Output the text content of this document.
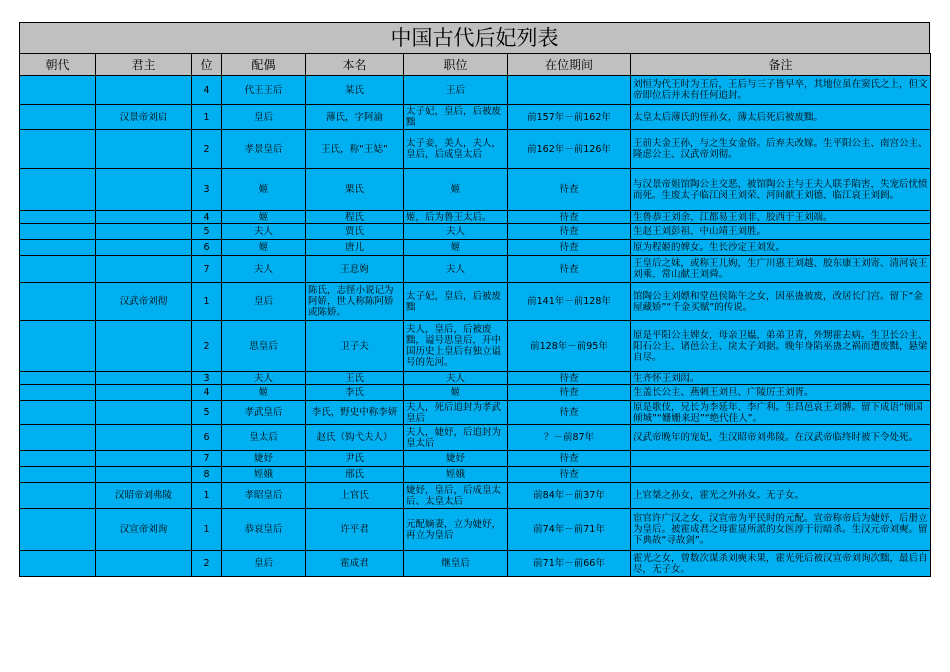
中国古代后妃列表
朝代	君主	位	配偶	本名	职位	在位期间	备注
		4	代王王后	某氏	王后		刘恒为代王时为王后，王后与三子皆早卒，其地位虽在窦氏之上，但文帝即位后并未有任何追封。
	汉景帝刘启	1	皇后	薄氏，字阿渝	太子妃，皇后，后被废黜	前157年－前162年	太皇太后薄氏的侄孙女，薄太后死后被废黜。
		2	孝景皇后	王氏，称“王娡”	太子妾，美人，夫人，皇后，后成皇太后	前162年－前126年	王前夫金王孙，与之生女金俗。后弃夫改嫁。生平阳公主、南宫公主、隆虑公主、汉武帝刘彻。
		3	姬	栗氏	姬	待查	与汉景帝姐馆陶公主交恶，被馆陶公主与王夫人联手陷害，失宠后忧愤而死。生废太子临江闵王刘荣、河间献王刘德、临江哀王刘阏。
		4	姬	程氏	姬，后为鲁王太后。	待查	生鲁恭王刘余、江都易王刘非、胶西于王刘端。
		5	夫人	贾氏	夫人	待查	生赵王刘彭祖、中山靖王刘胜。
		6	姬	唐儿	姬	待查	原为程姬的婢女。生长沙定王刘发。
		7	夫人	王息姁	夫人	待查	王皇后之妹，或称王儿姁，生广川惠王刘越、胶东康王刘寄、清河哀王刘乘、常山献王刘舜。
	汉武帝刘彻	1	皇后	陈氏，志怪小说记为阿娇，世人称陈阿娇或陈娇。	太子妃，皇后，后被废黜	前141年－前128年	馆陶公主刘嫖和堂邑侯陈午之女，因巫蛊被废，改居长门宫。留下“金屋藏娇”“千金买赋”的传说。
		2	思皇后	卫子夫	夫人，皇后，后被废黜，谥号思皇后，开中国历史上皇后有独立谥号的先河。	前128年－前95年	原是平阳公主婢女，母亲卫媪，弟弟卫青，外甥霍去病。生卫长公主、阳石公主、诸邑公主、戾太子刘据。晚年身陷巫蛊之祸而遭废黜，悬梁自尽。
		3	夫人	王氏	夫人	待查	生齐怀王刘闳。
		4	姬	李氏	姬	待查	生盖长公主、燕刺王刘旦、广陵厉王刘胥。
		5	孝武皇后	李氏，野史中称李妍	夫人，死后追封为孝武皇后	待查	原是歌伎，兄长为李延年、李广利。生昌邑哀王刘髆。留下成语“倾国倾城”“姗姗来迟”“绝代佳人”。
		6	皇太后	赵氏（钩弋夫人）	夫人，婕妤，后追封为皇太后	？－前87年	汉武帝晚年的宠妃，生汉昭帝刘弗陵。在汉武帝临终时被下令处死。
		7	婕妤	尹氏	婕妤	待查	
		8	娙娥	邢氏	娙娥	待查	
	汉昭帝刘弗陵	1	孝昭皇后	上官氏	婕妤，皇后，后成皇太后、太皇太后	前84年－前37年	上官桀之孙女，霍光之外孙女。无子女。
	汉宣帝刘询	1	恭哀皇后	许平君	元配嫡妻，立为婕妤，再立为皇后	前74年－前71年	宦官许广汉之女，汉宣帝为平民时的元配。宣帝称帝后为婕妤，后册立为皇后。被霍成君之母霍显所派的女医淳于衍暗杀。生汉元帝刘奭。留下典故“寻故剑”。
		2	皇后	霍成君	继皇后	前71年－前66年	霍光之女，曾数次谋杀刘奭未果，霍光死后被汉宣帝刘询次黜，最后自尽，无子女。
